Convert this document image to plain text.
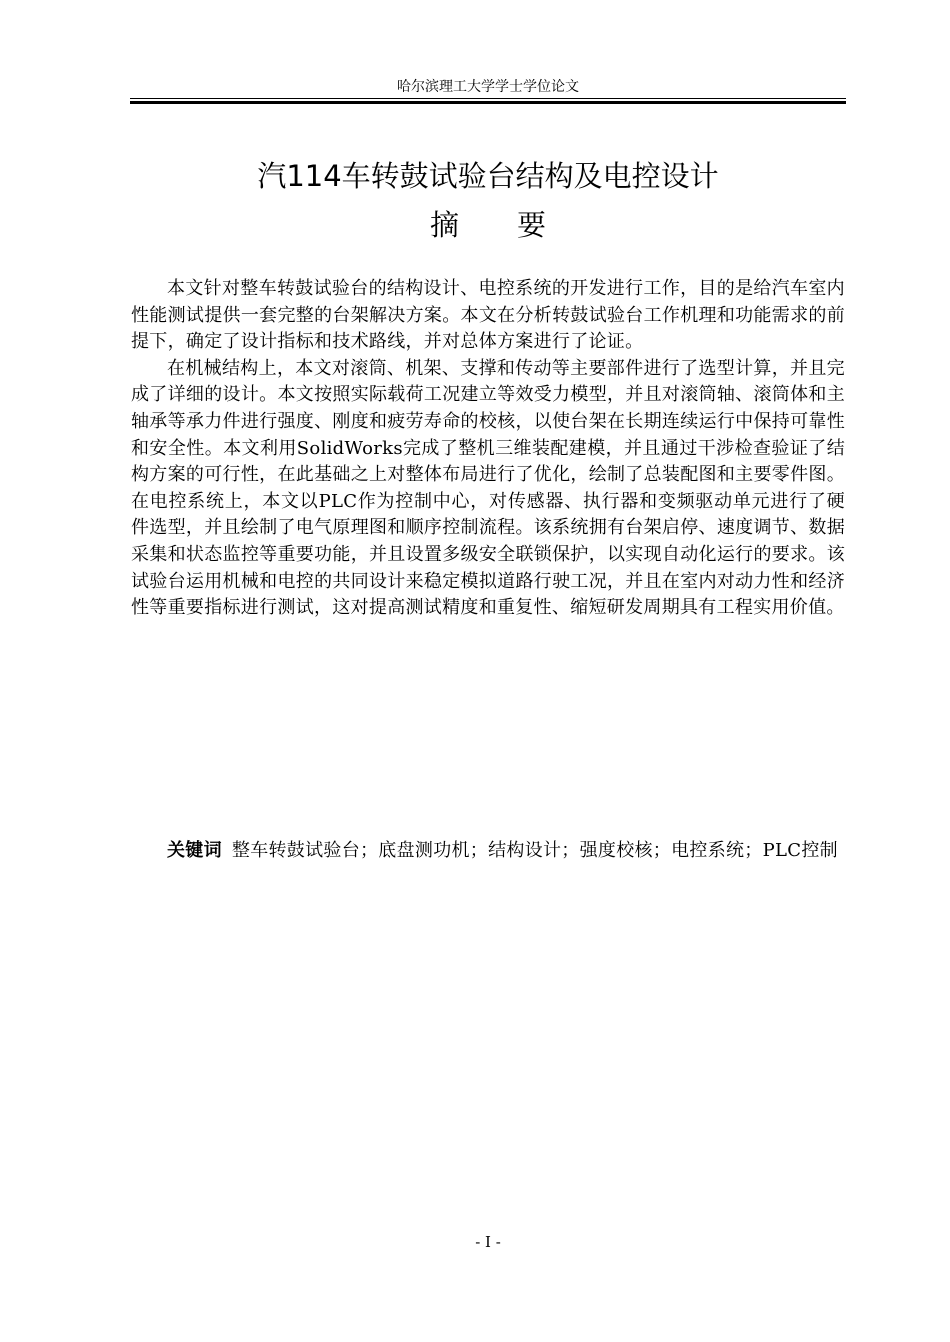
哈尔滨理工大学学士学位论文
汽114车转鼓试验台结构及电控设计
摘　　要

本文针对整车转鼓试验台的结构设计、电控系统的开发进行工作，目的是给汽车室内性能测试提供一套完整的台架解决方案。本文在分析转鼓试验台工作机理和功能需求的前提下，确定了设计指标和技术路线，并对总体方案进行了论证。

在机械结构上，本文对滚筒、机架、支撑和传动等主要部件进行了选型计算，并且完成了详细的设计。本文按照实际载荷工况建立等效受力模型，并且对滚筒轴、滚筒体和主轴承等承力件进行强度、刚度和疲劳寿命的校核，以使台架在长期连续运行中保持可靠性和安全性。本文利用SolidWorks完成了整机三维装配建模，并且通过干涉检查验证了结构方案的可行性，在此基础之上对整体布局进行了优化，绘制了总装配图和主要零件图。在电控系统上，本文以PLC作为控制中心，对传感器、执行器和变频驱动单元进行了硬件选型，并且绘制了电气原理图和顺序控制流程。该系统拥有台架启停、速度调节、数据采集和状态监控等重要功能，并且设置多级安全联锁保护，以实现自动化运行的要求。该试验台运用机械和电控的共同设计来稳定模拟道路行驶工况，并且在室内对动力性和经济性等重要指标进行测试，这对提高测试精度和重复性、缩短研发周期具有工程实用价值。

关键词 整车转鼓试验台；底盘测功机；结构设计；强度校核；电控系统；PLC控制
- I -
